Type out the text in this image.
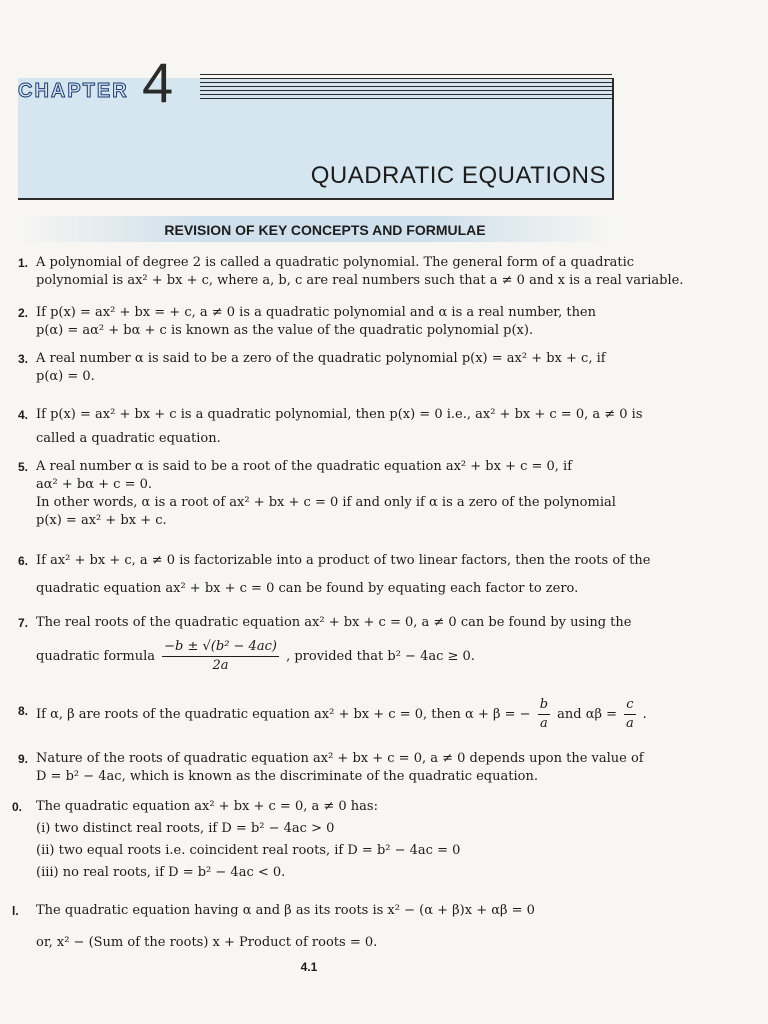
CHAPTER 4
QUADRATIC EQUATIONS
REVISION OF KEY CONCEPTS AND FORMULAE
1. A polynomial of degree 2 is called a quadratic polynomial. The general form of a quadratic
polynomial is ax² + bx + c, where a, b, c are real numbers such that a ≠ 0 and x is a real variable.
2. If p(x) = ax² + bx = + c, a ≠ 0 is a quadratic polynomial and α is a real number, then
p(α) = aα² + bα + c is known as the value of the quadratic polynomial p(x).
3. A real number α is said to be a zero of the quadratic polynomial p(x) = ax² + bx + c, if
p(α) = 0.
4. If p(x) = ax² + bx + c is a quadratic polynomial, then p(x) = 0 i.e., ax² + bx + c = 0, a ≠ 0 is
called a quadratic equation.
5. A real number α is said to be a root of the quadratic equation ax² + bx + c = 0, if
aα² + bα + c = 0.
In other words, α is a root of ax² + bx + c = 0 if and only if α is a zero of the polynomial
p(x) = ax² + bx + c.
6. If ax² + bx + c, a ≠ 0 is factorizable into a product of two linear factors, then the roots of the
quadratic equation ax² + bx + c = 0 can be found by equating each factor to zero.
7. The real roots of the quadratic equation ax² + bx + c = 0, a ≠ 0 can be found by using the
quadratic formula $\frac{\text{−b ± √(b² − 4ac)}}{2a}$ , provided that b² − 4ac ≥ 0.
8. If α, β are roots of the quadratic equation ax² + bx + c = 0, then α + β = − $\frac{b}{a}$ and $\alpha\beta = \frac{c}{a}$ .
9. Nature of the roots of quadratic equation ax² + bx + c = 0, a ≠ 0 depends upon the value of
D = b² − 4ac, which is known as the discriminate of the quadratic equation.
0. The quadratic equation ax² + bx + c = 0, a ≠ 0 has:
(i) two distinct real roots, if D = b² − 4ac > 0
(ii) two equal roots i.e. coincident real roots, if D = b² − 4ac = 0
(iii) no real roots, if D = b² − 4ac < 0.
l. The quadratic equation having α and β as its roots is x² − (α + β)x + αβ = 0
or, x² − (Sum of the roots) x + Product of roots = 0.
4.1
